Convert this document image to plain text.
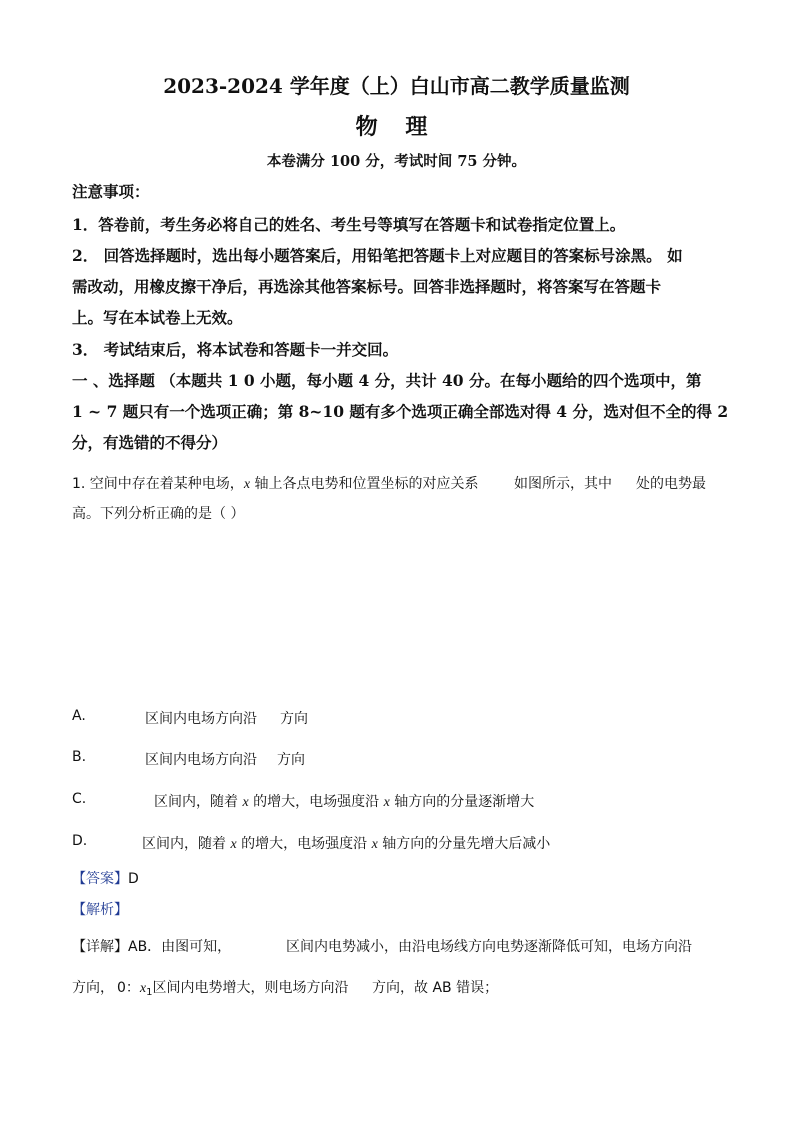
2023-2024 学年度（上）白山市高二教学质量监测
物 理
本卷满分 100 分，考试时间 75 分钟。
注意事项：
1．答卷前，考生务必将自己的姓名、考生号等填写在答题卡和试卷指定位置上。
2． 回答选择题时，选出每小题答案后，用铅笔把答题卡上对应题目的答案标号涂黑。 如
需改动，用橡皮擦干净后，再选涂其他答案标号。回答非选择题时，将答案写在答题卡
上。写在本试卷上无效。
3． 考试结束后，将本试卷和答题卡一并交回。
一 、选择题 （本题共 1 0 小题，每小题 4 分，共计 40 分。在每小题给的四个选项中，第
1 ~ 7 题只有一个选项正确；第 8~10 题有多个选项正确全部选对得 4 分，选对但不全的得 2
分，有选错的不得分）
1. 空间中存在着某种电场，x 轴上各点电势和位置坐标的对应关系	如图所示，其中 处的电势最
高。下列分析正确的是（ ）
A.	区间内电场方向沿 方向
B.	区间内电场方向沿 方向
C.	区间内，随着 x 的增大，电场强度沿 x 轴方向的分量逐渐增大
D.	区间内，随着 x 的增大，电场强度沿 x 轴方向的分量先增大后减小
【答案】D
【解析】
【详解】AB．由图可知，	区间内电势减小，由沿电场线方向电势逐渐降低可知，电场方向沿
方向， 0：$x_1$区间内电势增大，则电场方向沿 方向，故 AB 错误；
